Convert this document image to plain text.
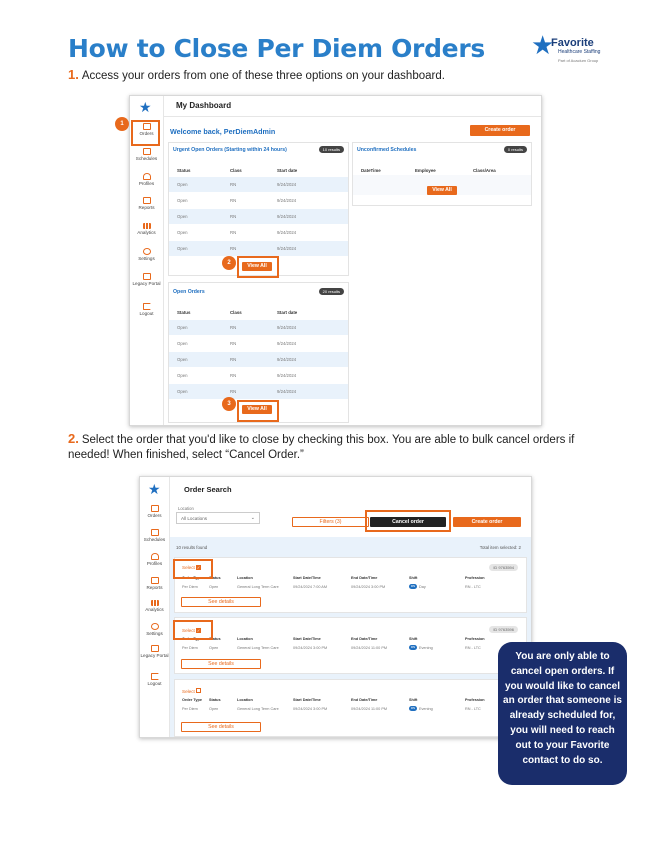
How to Close Per Diem Orders ★
Favorite
Healthcare Staffing
Part of Acacium Group
1. Access your orders from one of these three options on your dashboard.
★
Orders
Schedules
Profiles
Reports
Analytics
Settings
Legacy Portal
Logout
1
My Dashboard
Welcome back, PerDiemAdmin	Create order
Urgent Open Orders (Starting within 24 hours)	10 results
Status	Class	Start date
Open	RN	9/24/2024
Open	RN	9/24/2024
Open	RN	9/24/2024
Open	RN	9/24/2024
Open	RN	9/24/2024
View All
2
Unconfirmed Schedules	0 results
DateTime	Employee	Class/Area
View All
Open Orders	20 results
Status	Class	Start date
Open	RN	9/24/2024
Open	RN	9/24/2024
Open	RN	9/24/2024
Open	RN	9/24/2024
Open	RN	9/24/2024
View All
3
2. Select the order that you'd like to close by checking this box. You are able to bulk cancel orders if needed! When finished, select “Cancel Order.”
★
Orders
Schedules
Profiles
Reports
Analytics
Settings
Legacy Portal
Logout
Order Search
Location
All Locations	⌄
Filters (3)	Cancel order	Create order
10 results found	Total item selected: 2
Select ✓	ID 9763594
Order Type Status	Location	Start Date/Time	End Date/Time	Shift	Profession
Per Diem	Open	General Long Term Care	09/24/2024 7:00 AM	09/24/2024 3:00 PM	RN	Day	RN - LTC
See details
Select ✓	ID 9763596
Order Type Status	Location	Start Date/Time	End Date/Time	Shift	Profession
Per Diem	Open	General Long Term Care	09/24/2024 3:00 PM	09/24/2024 11:00 PM	RN	Evening	RN - LTC
See details
Select
Order Type Status	Location	Start Date/Time	End Date/Time	Shift	Profession
Per Diem	Open	General Long Term Care	09/24/2024 3:00 PM	09/24/2024 11:00 PM	RN	Evening	RN - LTC
See details
You are only able to cancel open orders. If you would like to cancel an order that someone is already scheduled for, you will need to reach out to your Favorite contact to do so.
